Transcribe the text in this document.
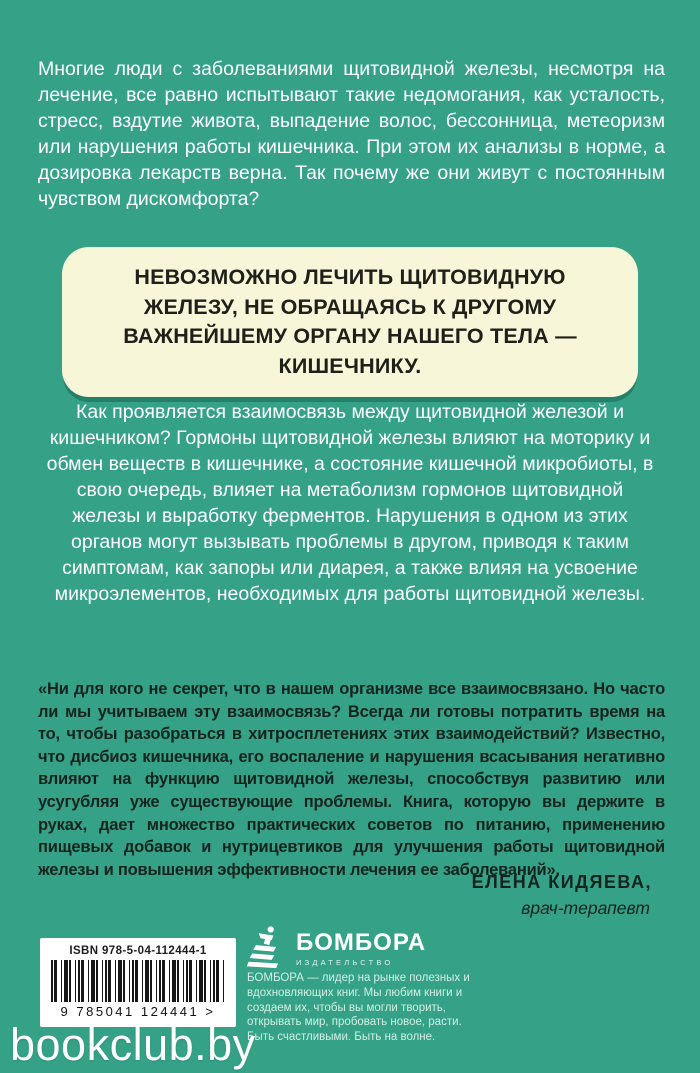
Многие люди с заболеваниями щитовидной железы, несмотря на лечение, все равно испытывают такие недомогания, как усталость, стресс, вздутие живота, выпадение волос, бессонница, метеоризм или нарушения работы кишечника. При этом их анализы в норме, а дозировка лекарств верна. Так почему же они живут с постоянным чувством дискомфорта?

НЕВОЗМОЖНО ЛЕЧИТЬ ЩИТОВИДНУЮ ЖЕЛЕЗУ, НЕ ОБРАЩАЯСЬ К ДРУГОМУ ВАЖНЕЙШЕМУ ОРГАНУ НАШЕГО ТЕЛА — КИШЕЧНИКУ.

Как проявляется взаимосвязь между щитовидной железой и кишечником? Гормоны щитовидной железы влияют на моторику и обмен веществ в кишечнике, а состояние кишечной микробиоты, в свою очередь, влияет на метаболизм гормонов щитовидной железы и выработку ферментов. Нарушения в одном из этих органов могут вызывать проблемы в другом, приводя к таким симптомам, как запоры или диарея, а также влияя на усвоение микроэлементов, необходимых для работы щитовидной железы.

«Ни для кого не секрет, что в нашем организме все взаимосвязано. Но часто ли мы учитываем эту взаимосвязь? Всегда ли готовы потратить время на то, чтобы разобраться в хитросплетениях этих взаимодействий? Известно, что дисбиоз кишечника, его воспаление и нарушения всасывания негативно влияют на функцию щитовидной железы, способствуя развитию или усугубляя уже существующие проблемы. Книга, которую вы держите в руках, дает множество практических советов по питанию, применению пищевых добавок и нутрицевтиков для улучшения работы щитовидной железы и повышения эффективности лечения ее заболеваний».

ЕЛЕНА КИДЯЕВА,
врач-терапевт
ISBN 978-5-04-112444-1
9 785041 124441 >
БОМБОРА
ИЗДАТЕЛЬСТВО

БОМБОРА — лидер на рынке полезных и вдохновляющих книг. Мы любим книги и создаем их, чтобы вы могли творить, открывать мир, пробовать новое, расти. Быть счастливыми. Быть на волне.

bookclub.by
